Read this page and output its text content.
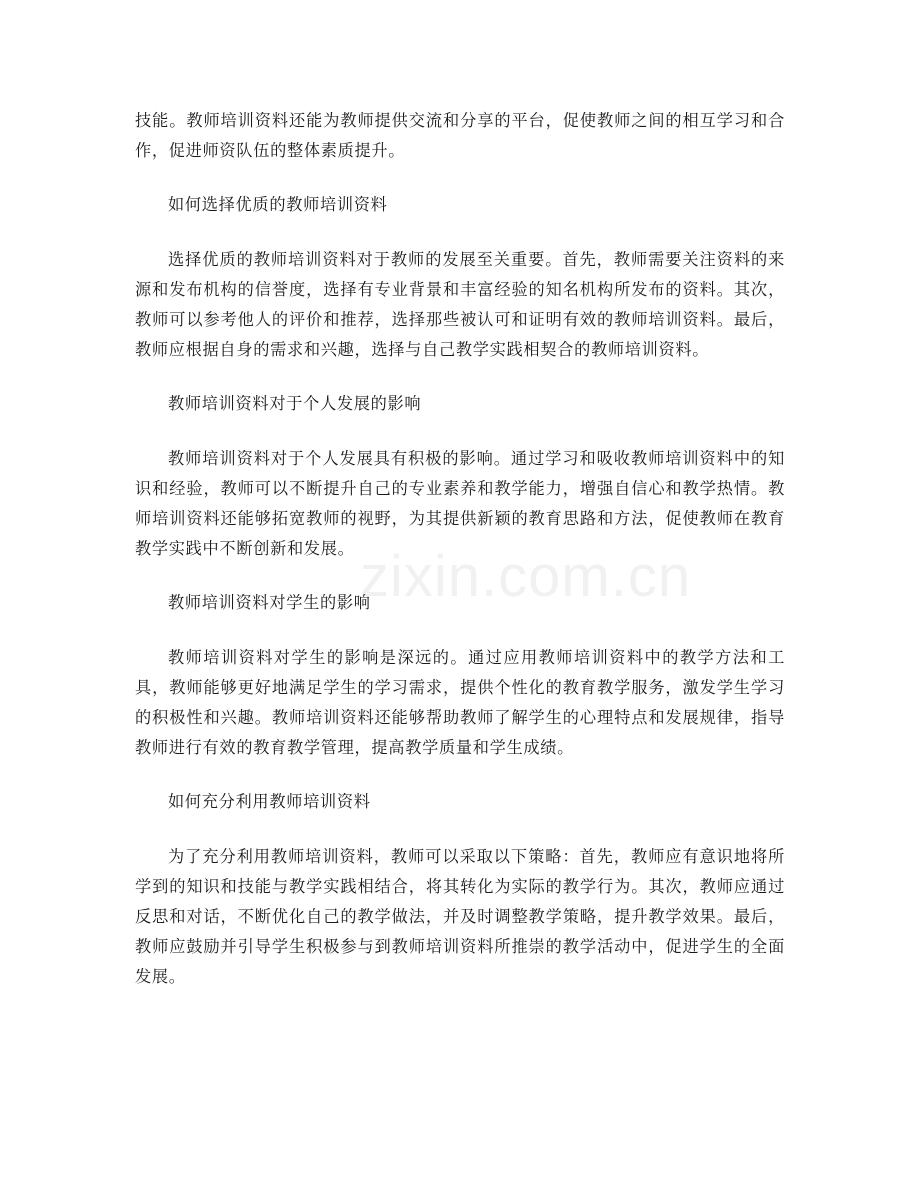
zixin.com.cn

技能。教师培训资料还能为教师提供交流和分享的平台，促使教师之间的相互学习和合作，促进师资队伍的整体素质提升。

如何选择优质的教师培训资料

选择优质的教师培训资料对于教师的发展至关重要。首先，教师需要关注资料的来源和发布机构的信誉度，选择有专业背景和丰富经验的知名机构所发布的资料。其次，教师可以参考他人的评价和推荐，选择那些被认可和证明有效的教师培训资料。最后，教师应根据自身的需求和兴趣，选择与自己教学实践相契合的教师培训资料。

教师培训资料对于个人发展的影响

教师培训资料对于个人发展具有积极的影响。通过学习和吸收教师培训资料中的知识和经验，教师可以不断提升自己的专业素养和教学能力，增强自信心和教学热情。教师培训资料还能够拓宽教师的视野，为其提供新颖的教育思路和方法，促使教师在教育教学实践中不断创新和发展。

教师培训资料对学生的影响

教师培训资料对学生的影响是深远的。通过应用教师培训资料中的教学方法和工具，教师能够更好地满足学生的学习需求，提供个性化的教育教学服务，激发学生学习的积极性和兴趣。教师培训资料还能够帮助教师了解学生的心理特点和发展规律，指导教师进行有效的教育教学管理，提高教学质量和学生成绩。

如何充分利用教师培训资料

为了充分利用教师培训资料，教师可以采取以下策略：首先，教师应有意识地将所学到的知识和技能与教学实践相结合，将其转化为实际的教学行为。其次，教师应通过反思和对话，不断优化自己的教学做法，并及时调整教学策略，提升教学效果。最后，教师应鼓励并引导学生积极参与到教师培训资料所推崇的教学活动中，促进学生的全面发展。
